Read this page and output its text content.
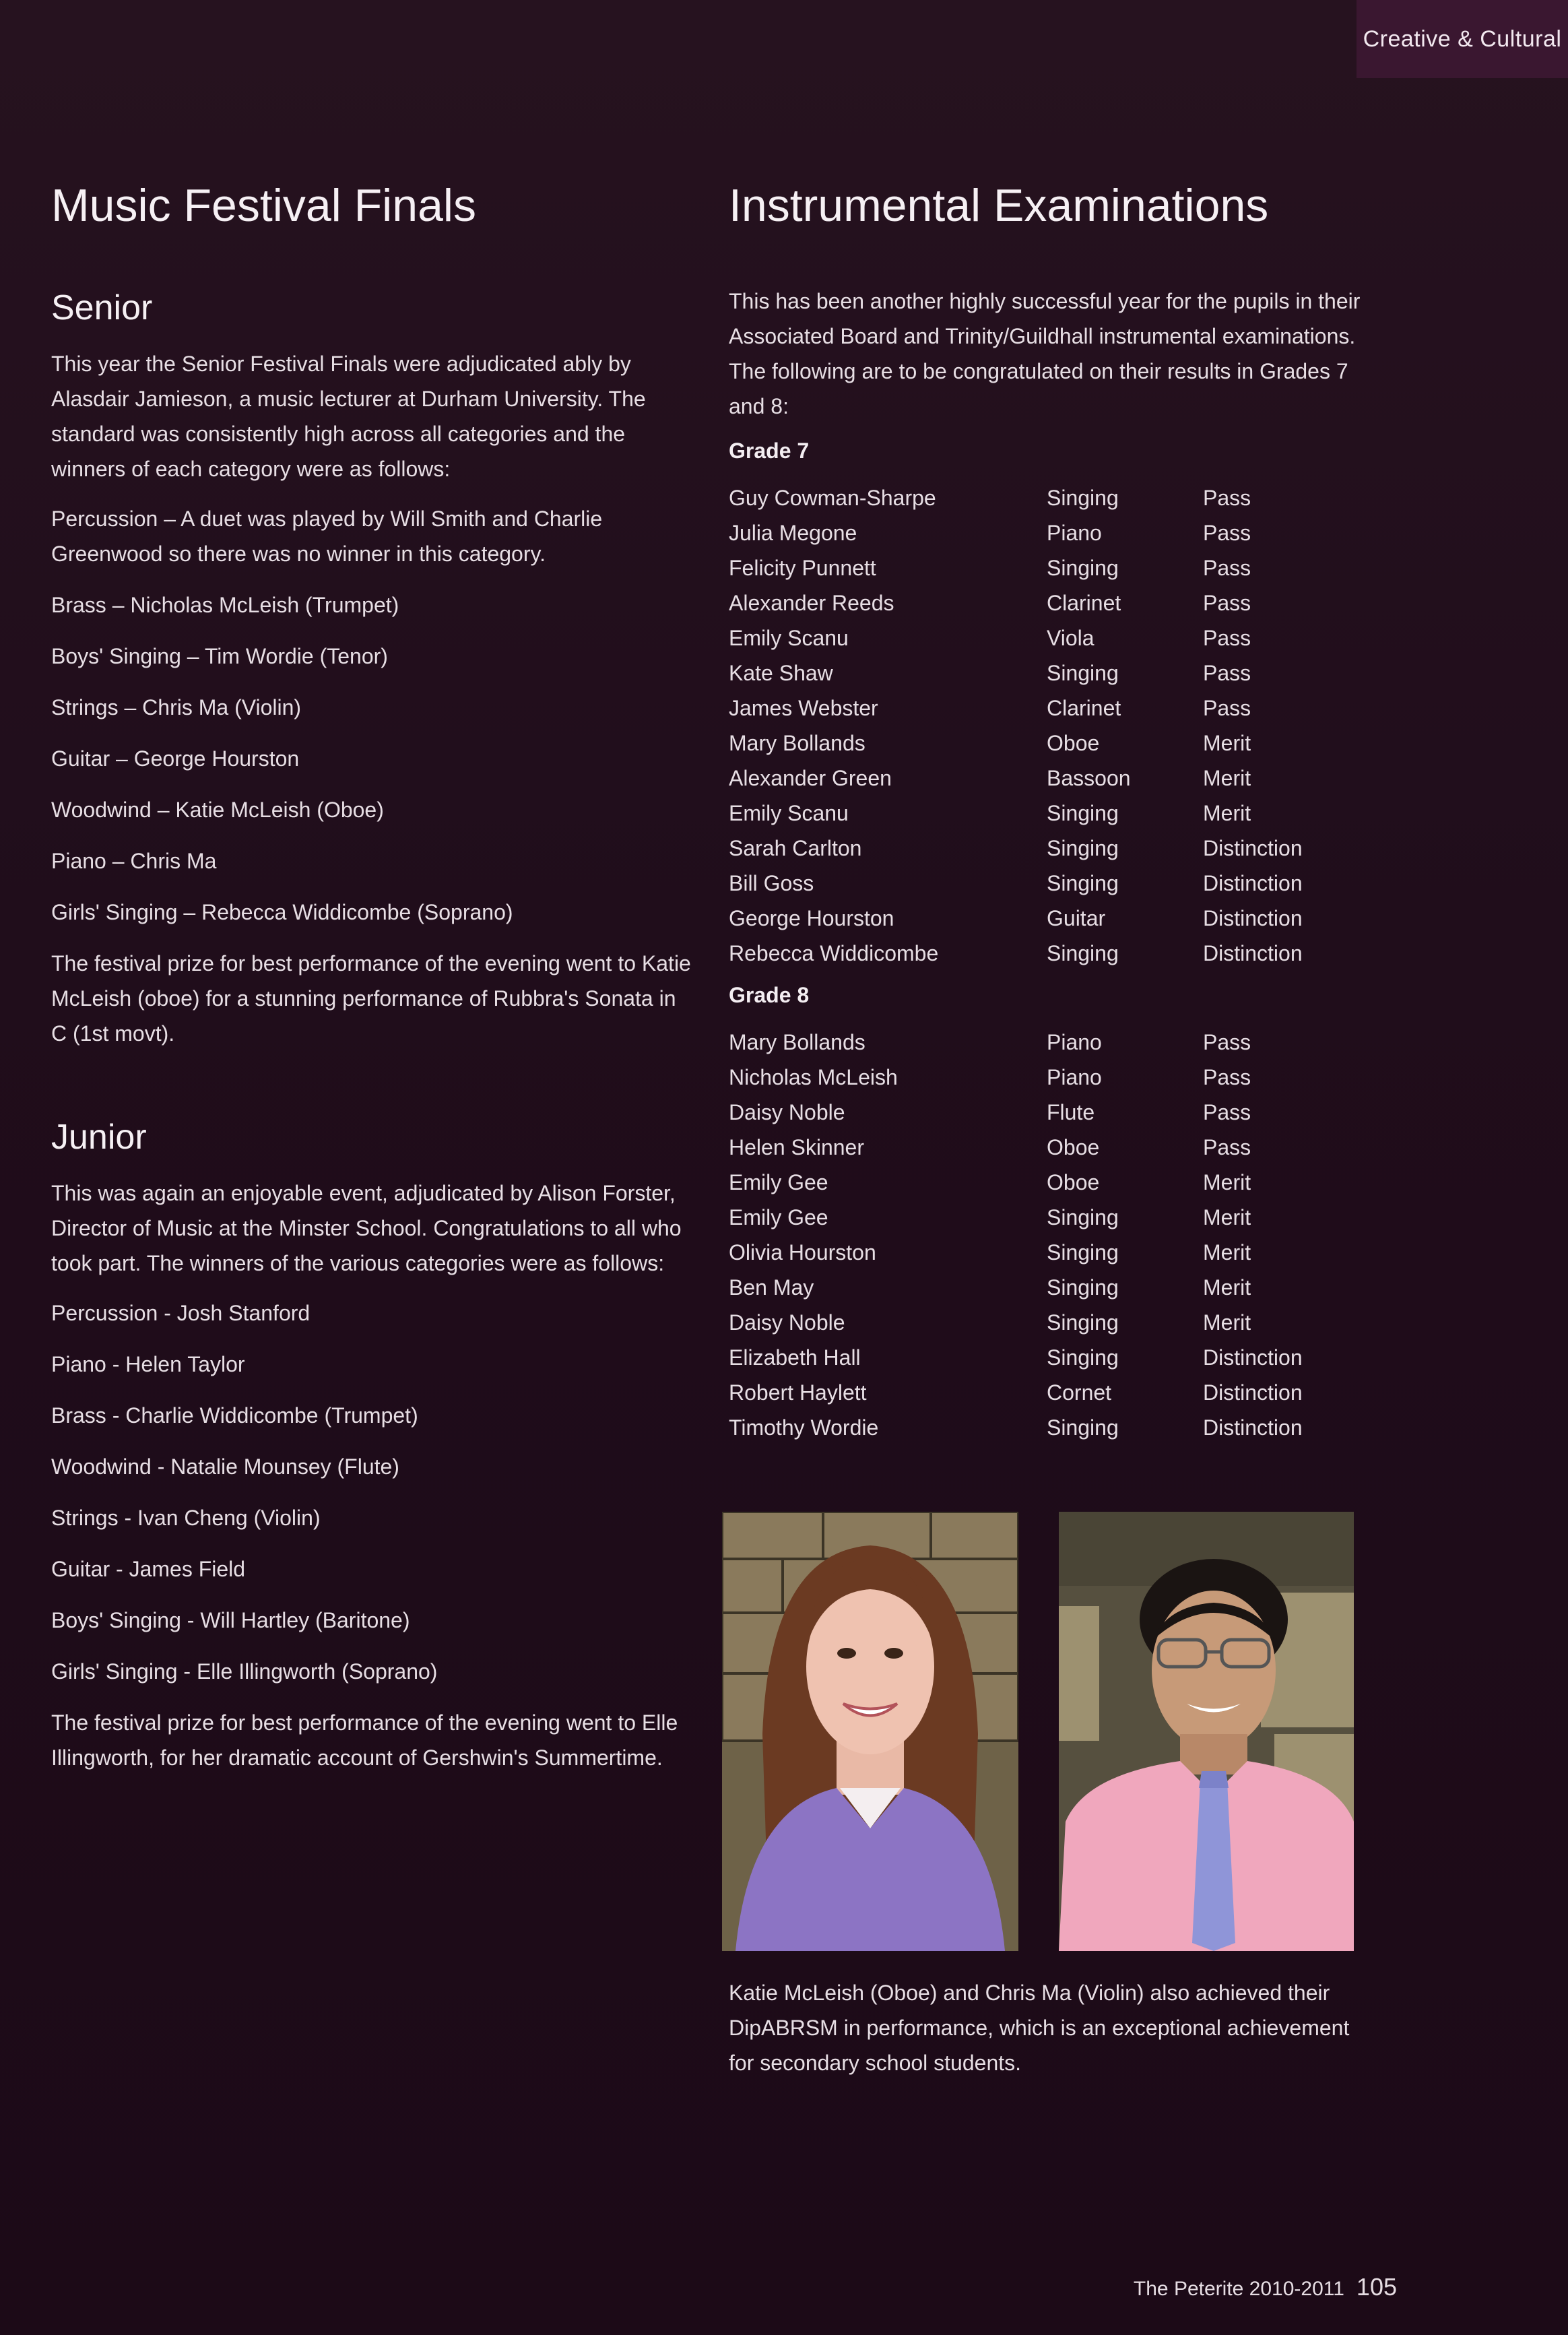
Creative & Cultural
Music Festival Finals
Senior

This year the Senior Festival Finals were adjudicated ably by Alasdair Jamieson, a music lecturer at Durham University. The standard was consistently high across all categories and the winners of each category were as follows:

Percussion – A duet was played by Will Smith and Charlie Greenwood so there was no winner in this category.

Brass – Nicholas McLeish (Trumpet)

Boys' Singing – Tim Wordie (Tenor)

Strings – Chris Ma (Violin)

Guitar – George Hourston

Woodwind – Katie McLeish (Oboe)

Piano – Chris Ma

Girls' Singing – Rebecca Widdicombe (Soprano)

The festival prize for best performance of the evening went to Katie McLeish (oboe) for a stunning performance of Rubbra's Sonata in C (1st movt).

Junior

This was again an enjoyable event, adjudicated by Alison Forster, Director of Music at the Minster School. Congratulations to all who took part. The winners of the various categories were as follows:

Percussion - Josh Stanford

Piano - Helen Taylor

Brass - Charlie Widdicombe (Trumpet)

Woodwind - Natalie Mounsey (Flute)

Strings - Ivan Cheng (Violin)

Guitar - James Field

Boys' Singing - Will Hartley (Baritone)

Girls' Singing - Elle Illingworth (Soprano)

The festival prize for best performance of the evening went to Elle Illingworth, for her dramatic account of Gershwin's Summertime.

Instrumental Examinations

This has been another highly successful year for the pupils in their Associated Board and Trinity/Guildhall instrumental examinations. The following are to be congratulated on their results in Grades 7 and 8:

Grade 7
Guy Cowman-Sharpe	Singing	Pass
Julia Megone	Piano	Pass
Felicity Punnett	Singing	Pass
Alexander Reeds	Clarinet	Pass
Emily Scanu	Viola	Pass
Kate Shaw	Singing	Pass
James Webster	Clarinet	Pass
Mary Bollands	Oboe	Merit
Alexander Green	Bassoon	Merit
Emily Scanu	Singing	Merit
Sarah Carlton	Singing	Distinction
Bill Goss	Singing	Distinction
George Hourston	Guitar	Distinction
Rebecca Widdicombe	Singing	Distinction
Grade 8
Mary Bollands	Piano	Pass
Nicholas McLeish	Piano	Pass
Daisy Noble	Flute	Pass
Helen Skinner	Oboe	Pass
Emily Gee	Oboe	Merit
Emily Gee	Singing	Merit
Olivia Hourston	Singing	Merit
Ben May	Singing	Merit
Daisy Noble	Singing	Merit
Elizabeth Hall	Singing	Distinction
Robert Haylett	Cornet	Distinction
Timothy Wordie	Singing	Distinction

Katie McLeish (Oboe) and Chris Ma (Violin) also achieved their DipABRSM in performance, which is an exceptional achievement for secondary school students.

The Peterite 2010-2011 105
